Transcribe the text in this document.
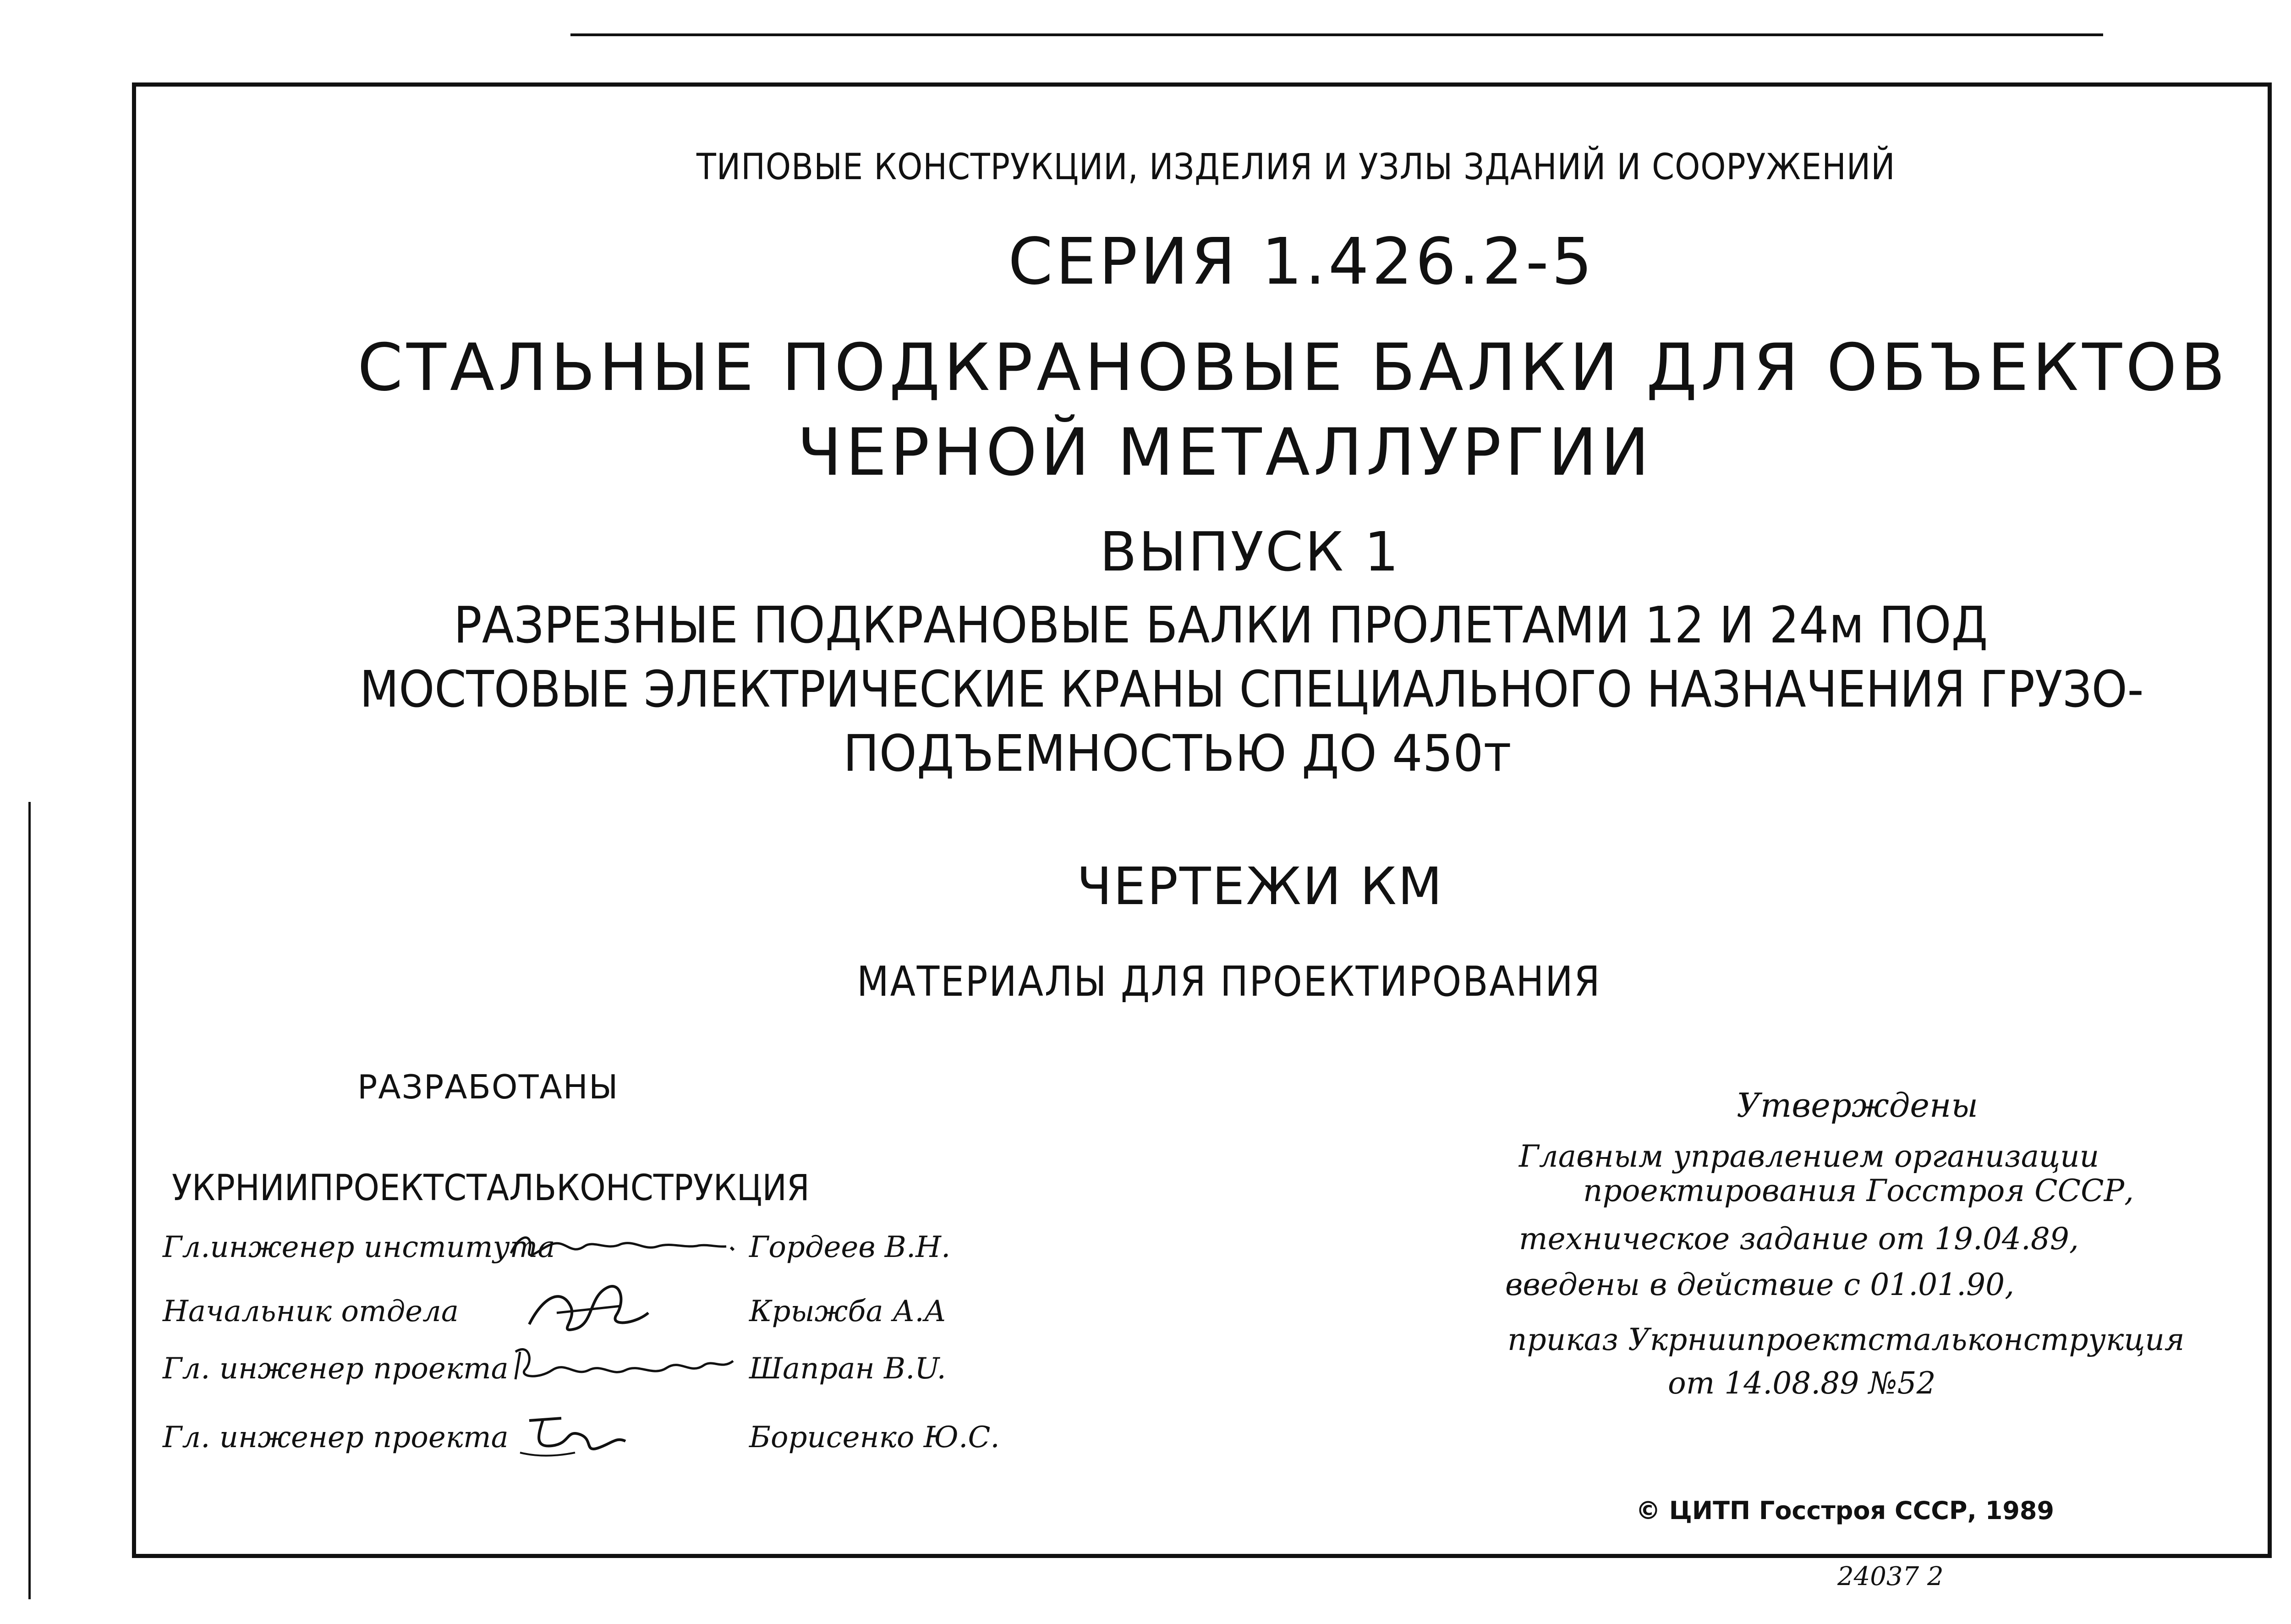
ТИПОВЫЕ КОНСТРУКЦИИ, ИЗДЕЛИЯ И УЗЛЫ ЗДАНИЙ И СООРУЖЕНИЙ
СЕРИЯ 1.426.2-5
СТАЛЬНЫЕ ПОДКРАНОВЫЕ БАЛКИ ДЛЯ ОБЪЕКТОВ
ЧЕРНОЙ МЕТАЛЛУРГИИ
ВЫПУСК 1
РАЗРЕЗНЫЕ ПОДКРАНОВЫЕ БАЛКИ ПРОЛЕТАМИ 12 И 24м ПОД
МОСТОВЫЕ ЭЛЕКТРИЧЕСКИЕ КРАНЫ СПЕЦИАЛЬНОГО НАЗНАЧЕНИЯ ГРУЗО-
ПОДЪЕМНОСТЬЮ ДО 450т
ЧЕРТЕЖИ КМ
МАТЕРИАЛЫ ДЛЯ ПРОЕКТИРОВАНИЯ
РАЗРАБОТАНЫ
УКРНИИПРОЕКТСТАЛЬКОНСТРУКЦИЯ
Гл.инженер института
Начальник отдела
Гл. инженер проекта
Гл. инженер проекта
Гордеев В.Н.
Крыжба А.А
Шапран В.U.
Борисенко Ю.С.
Утверждены
Главным управлением организации
проектирования Госстроя СССР,
техническое задание от 19.04.89,
введены в действие с 01.01.90,
приказ Укрниипроектстальконструкция
от 14.08.89 №52
© ЦИТП Госстроя СССР, 1989
24037 2
